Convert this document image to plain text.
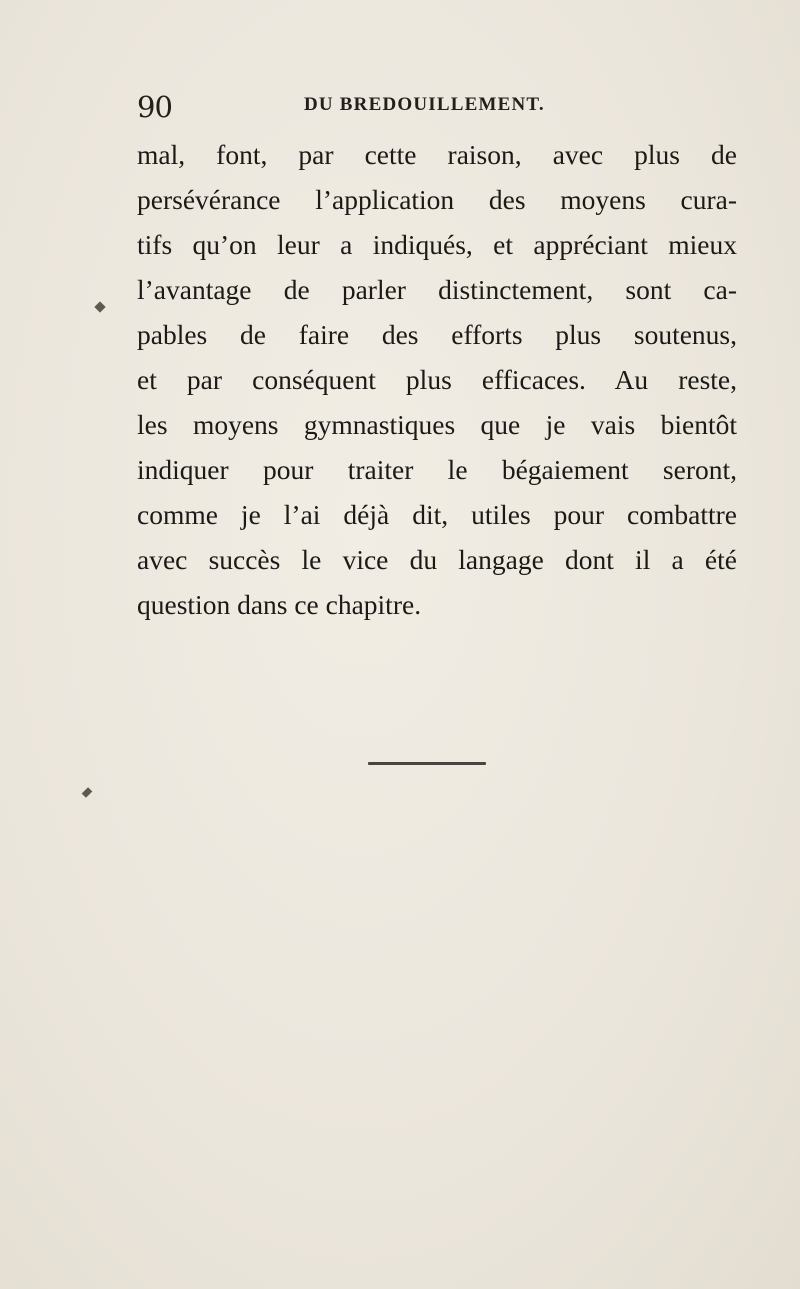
90	DU BREDOUILLEMENT.
mal, font, par cette raison, avec plus de
persévérance l’application des moyens cura-
tifs qu’on leur a indiqués, et appréciant mieux
l’avantage de parler distinctement, sont ca-
pables de faire des efforts plus soutenus,
et par conséquent plus efficaces. Au reste,
les moyens gymnastiques que je vais bientôt
indiquer pour traiter le bégaiement seront,
comme je l’ai déjà dit, utiles pour combattre
avec succès le vice du langage dont il a été
question dans ce chapitre.
